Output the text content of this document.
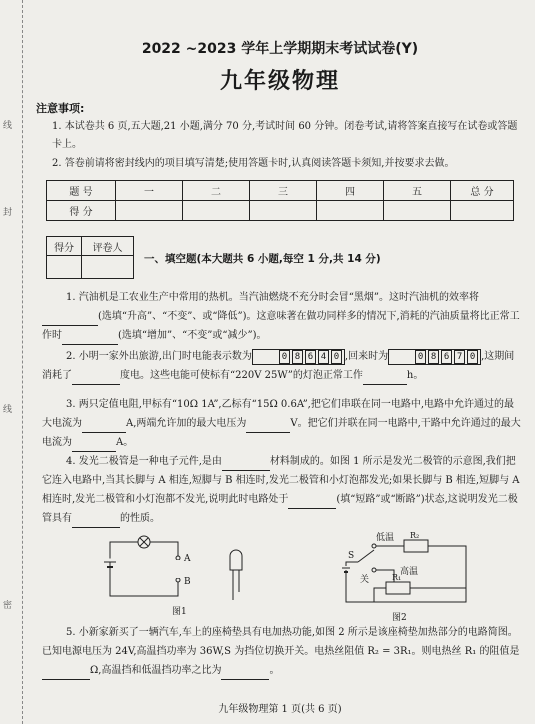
线
封
线
密
2022 ~2023 学年上学期期末考试试卷(Y)
九年级物理
注意事项:
1. 本试卷共 6 页,五大题,21 小题,满分 70 分,考试时间 60 分钟。闭卷考试,请将答案直接写在试卷或答题卡上。
2. 答卷前请将密封线内的项目填写清楚;使用答题卡时,认真阅读答题卡须知,并按要求去做。
题 号	一	二	三	四	五	总 分
得 分						
得分	评卷人

一、填空题(本大题共 6 小题,每空 1 分,共 14 分)
1. 汽油机是工农业生产中常用的热机。当汽油燃烧不充分时会冒“黑烟”。这时汽油机的效率将(选填“升高”、“不变”、或“降低”)。这意味著在做功同样多的情况下,消耗的汽油质量将比正常工作时	(选填“增加”、“不变”或“减少”)。
2. 小明一家外出旅游,出门时电能表示数为	0 8 6 4 0 ,回来时为	0 8 6 7 0 ,这期间消耗了	度电。这些电能可使标有“220V 25W”的灯泡正常工作	h。
3. 两只定值电阻,甲标有“10Ω 1A”,乙标有“15Ω 0.6A”,把它们串联在同一电路中,电路中允许通过的最大电流为	A,两端允许加的最大电压为	V。把它们并联在同一电路中,干路中允许通过的最大电流为	A。
4. 发光二极管是一种电子元件,是由	材料制成的。如图 1 所示是发光二极管的示意图,我们把它连入电路中,当其长脚与 A 相连,短脚与 B 相连时,发光二极管和小灯泡都发光;如果长脚与 B 相连,短脚与 A 相连时,发光二极管和小灯泡都不发光,说明此时电路处于	(填“短路”或“断路”)状态,这说明发光二极管具有	的性质。
A
B
图1
S
低温 R₂
关
高温
R₁
图2
5. 小新家新买了一辆汽车,车上的座椅垫具有电加热功能,如图 2 所示是该座椅垫加热部分的电路简图。已知电源电压为 24V,高温挡功率为 36W,S 为挡位切换开关。电热丝阻值 R₂ = 3R₁。则电热丝 R₁ 的阻值是Ω,高温挡和低温挡功率之比为	。
九年级物理第 1 页(共 6 页)
